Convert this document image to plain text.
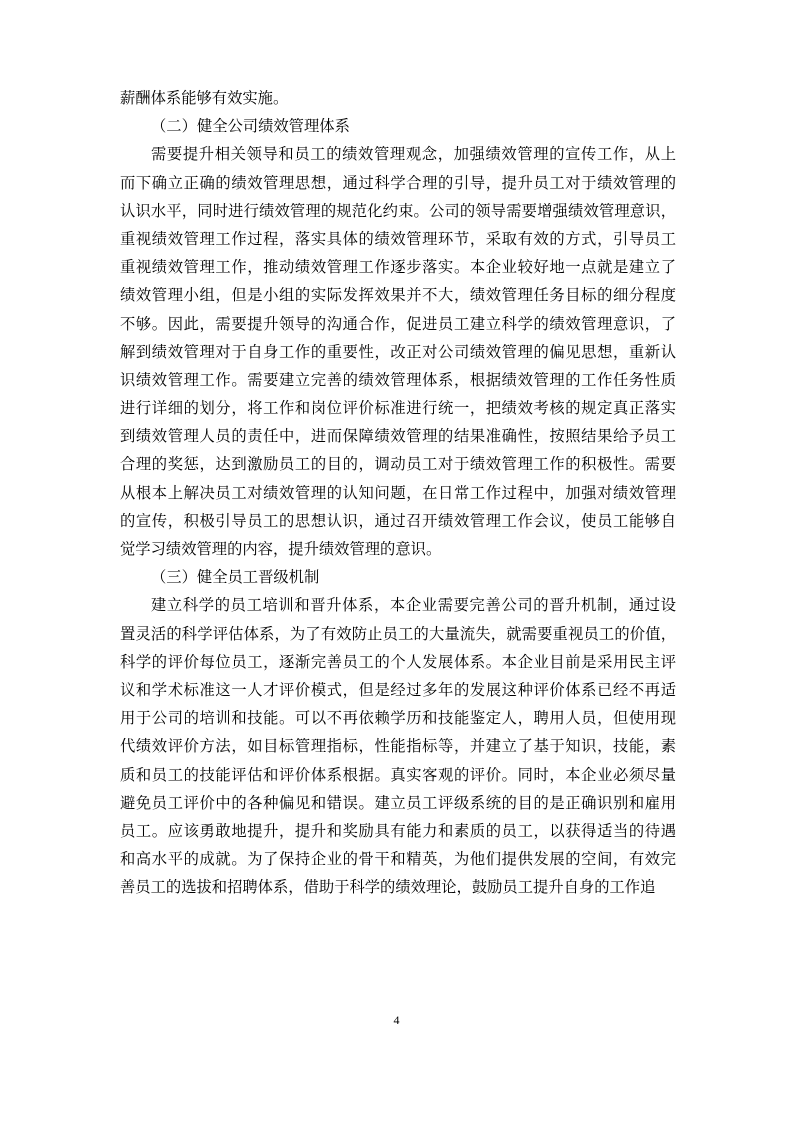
薪酬体系能够有效实施。
（二）健全公司绩效管理体系
需要提升相关领导和员工的绩效管理观念，加强绩效管理的宣传工作，从上
而下确立正确的绩效管理思想，通过科学合理的引导，提升员工对于绩效管理的
认识水平，同时进行绩效管理的规范化约束。公司的领导需要增强绩效管理意识，
重视绩效管理工作过程，落实具体的绩效管理环节，采取有效的方式，引导员工
重视绩效管理工作，推动绩效管理工作逐步落实。本企业较好地一点就是建立了
绩效管理小组，但是小组的实际发挥效果并不大，绩效管理任务目标的细分程度
不够。因此，需要提升领导的沟通合作，促进员工建立科学的绩效管理意识，了
解到绩效管理对于自身工作的重要性，改正对公司绩效管理的偏见思想，重新认
识绩效管理工作。需要建立完善的绩效管理体系，根据绩效管理的工作任务性质
进行详细的划分，将工作和岗位评价标准进行统一，把绩效考核的规定真正落实
到绩效管理人员的责任中，进而保障绩效管理的结果准确性，按照结果给予员工
合理的奖惩，达到激励员工的目的，调动员工对于绩效管理工作的积极性。需要
从根本上解决员工对绩效管理的认知问题，在日常工作过程中，加强对绩效管理
的宣传，积极引导员工的思想认识，通过召开绩效管理工作会议，使员工能够自
觉学习绩效管理的内容，提升绩效管理的意识。
（三）健全员工晋级机制
建立科学的员工培训和晋升体系，本企业需要完善公司的晋升机制，通过设
置灵活的科学评估体系，为了有效防止员工的大量流失，就需要重视员工的价值，
科学的评价每位员工，逐渐完善员工的个人发展体系。本企业目前是采用民主评
议和学术标准这一人才评价模式，但是经过多年的发展这种评价体系已经不再适
用于公司的培训和技能。可以不再依赖学历和技能鉴定人，聘用人员，但使用现
代绩效评价方法，如目标管理指标，性能指标等，并建立了基于知识，技能，素
质和员工的技能评估和评价体系根据。真实客观的评价。同时，本企业必须尽量
避免员工评价中的各种偏见和错误。建立员工评级系统的目的是正确识别和雇用
员工。应该勇敢地提升，提升和奖励具有能力和素质的员工，以获得适当的待遇
和高水平的成就。为了保持企业的骨干和精英，为他们提供发展的空间，有效完
善员工的选拔和招聘体系，借助于科学的绩效理论，鼓励员工提升自身的工作追
4
